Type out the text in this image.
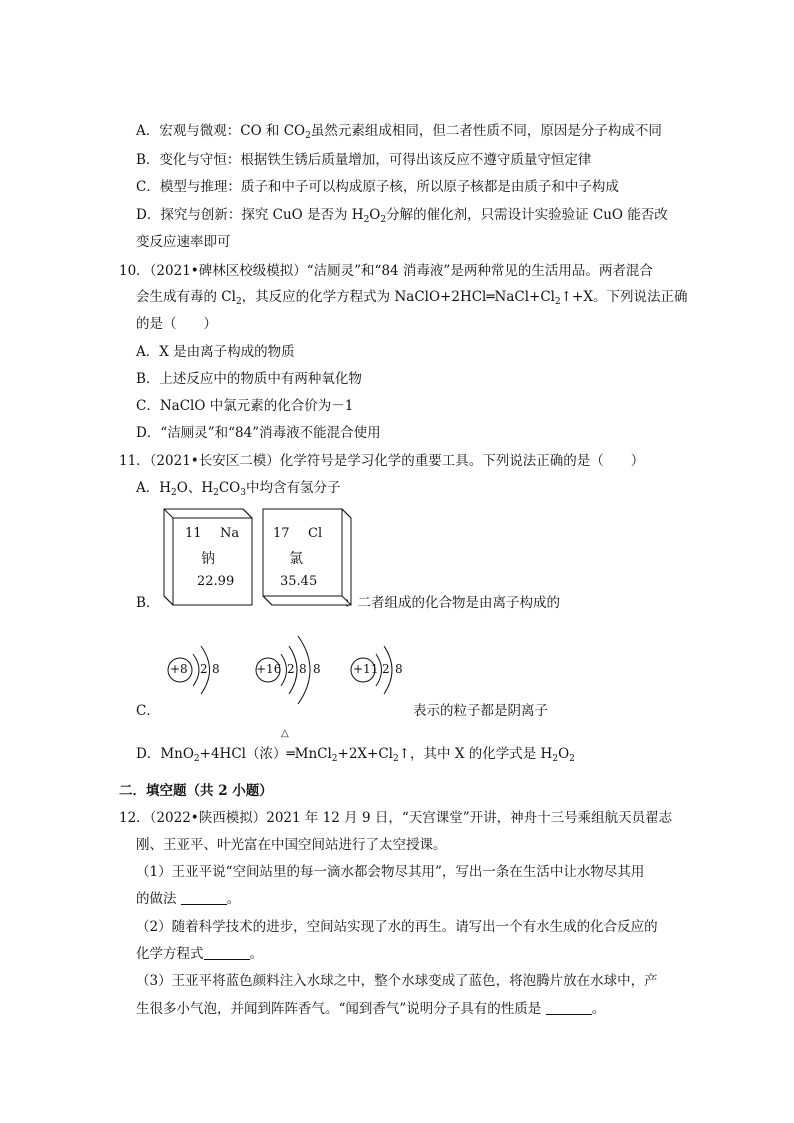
A．宏观与微观：CO 和 $CO_2$虽然元素组成相同，但二者性质不同，原因是分子构成不同
B．变化与守恒：根据铁生锈后质量增加，可得出该反应不遵守质量守恒定律
C．模型与推理：质子和中子可以构成原子核，所以原子核都是由质子和中子构成
D．探究与创新：探究 CuO 是否为 $H_2O_2$分解的催化剂，只需设计实验验证 CuO 能否改
变反应速率即可
10．（2021•碑林区校级模拟）“洁厕灵”和“84 消毒液”是两种常见的生活用品。两者混合
会生成有毒的 $Cl_2$，其反应的化学方程式为 $NaClO+2HCl═NaCl+Cl_2↑+X$。下列说法正确
的是（　　）
A．X 是由离子构成的物质
B．上述反应中的物质中有两种氧化物
C．NaClO 中氯元素的化合价为－1
D．“洁厕灵”和“84”消毒液不能混合使用
11．（2021•长安区二模）化学符号是学习化学的重要工具。下列说法正确的是（　　）
A．$H_2O$、$H_2CO_3$中均含有氢分子
11 Na
钠
22.99
17 Cl
氯
35.45
B．	：二者组成的化合物是由离子构成的
+8 2 8	+16 2 8 8	+11 2 8
C．	表示的粒子都是阴离子
△
D．MnO$_2$+4HCl（浓）$═MnCl_2+2X+Cl_2↑$，其中 X 的化学式是 $H_2O_2$
二．填空题（共 2 小题）
12．（2022•陕西模拟）2021 年 12 月 9 日，“天宫课堂”开讲，神舟十三号乘组航天员翟志
刚、王亚平、叶光富在中国空间站进行了太空授课。
（1）王亚平说“空间站里的每一滴水都会物尽其用”，写出一条在生活中让水物尽其用
的做法	。
（2）随着科学技术的进步，空间站实现了水的再生。请写出一个有水生成的化合反应的
化学方程式	。
（3）王亚平将蓝色颜料注入水球之中，整个水球变成了蓝色，将泡腾片放在水球中，产
生很多小气泡，并闻到阵阵香气。“闻到香气”说明分子具有的性质是	。
